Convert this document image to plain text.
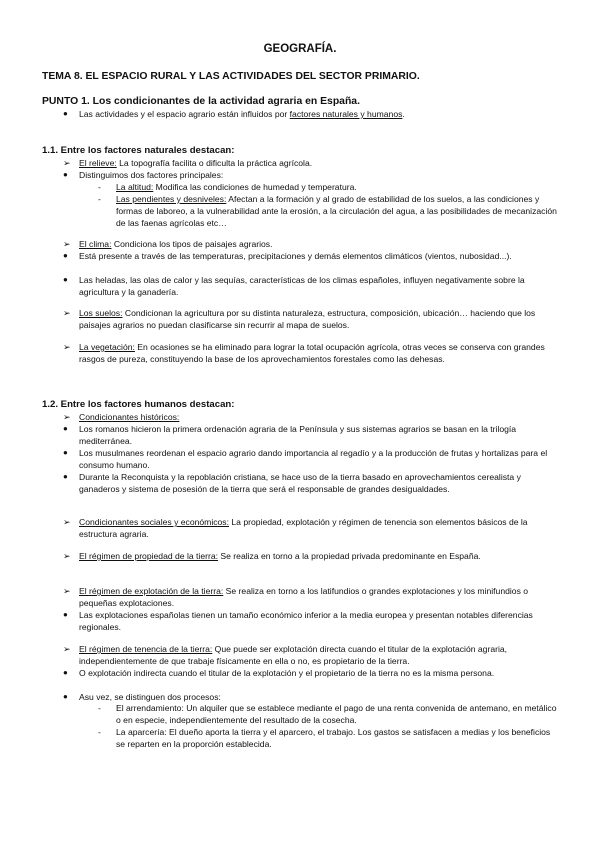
GEOGRAFÍA.
TEMA 8. EL ESPACIO RURAL Y LAS ACTIVIDADES DEL SECTOR PRIMARIO.
PUNTO 1. Los condicionantes de la actividad agraria en España.
● Las actividades y el espacio agrario están influidos por factores naturales y humanos.
1.1. Entre los factores naturales destacan:
➢ El relieve: La topografía facilita o dificulta la práctica agrícola.
● Distinguimos dos factores principales:
- La altitud: Modifica las condiciones de humedad y temperatura.
- Las pendientes y desniveles: Afectan a la formación y al grado de estabilidad de los suelos, a las condiciones y formas de laboreo, a la vulnerabilidad ante la erosión, a la circulación del agua, a las posibilidades de mecanización de las faenas agrícolas etc…
➢ El clima: Condiciona los tipos de paisajes agrarios.
● Está presente a través de las temperaturas, precipitaciones y demás elementos climáticos (vientos, nubosidad...).
● Las heladas, las olas de calor y las sequías, características de los climas españoles, influyen negativamente sobre la agricultura y la ganadería.
➢ Los suelos: Condicionan la agricultura por su distinta naturaleza, estructura, composición, ubicación… haciendo que los paisajes agrarios no puedan clasificarse sin recurrir al mapa de suelos.
➢ La vegetación: En ocasiones se ha eliminado para lograr la total ocupación agrícola, otras veces se conserva con grandes rasgos de pureza, constituyendo la base de los aprovechamientos forestales como las dehesas.
1.2. Entre los factores humanos destacan:
➢ Condicionantes históricos:
● Los romanos hicieron la primera ordenación agraria de la Península y sus sistemas agrarios se basan en la trilogía mediterránea.
● Los musulmanes reordenan el espacio agrario dando importancia al regadío y a la producción de frutas y hortalizas para el consumo humano.
● Durante la Reconquista y la repoblación cristiana, se hace uso de la tierra basado en aprovechamientos cerealista y ganaderos y sistema de posesión de la tierra que será el responsable de grandes desigualdades.
➢ Condicionantes sociales y económicos: La propiedad, explotación y régimen de tenencia son elementos básicos de la estructura agraria.
➢ El régimen de propiedad de la tierra: Se realiza en torno a la propiedad privada predominante en España.
➢ El régimen de explotación de la tierra: Se realiza en torno a los latifundios o grandes explotaciones y los minifundios o pequeñas explotaciones.
● Las explotaciones españolas tienen un tamaño económico inferior a la media europea y presentan notables diferencias regionales.
➢ El régimen de tenencia de la tierra: Que puede ser explotación directa cuando el titular de la explotación agraria, independientemente de que trabaje físicamente en ella o no, es propietario de la tierra.
● O explotación indirecta cuando el titular de la explotación y el propietario de la tierra no es la misma persona.
● Asu vez, se distinguen dos procesos:
- El arrendamiento: Un alquiler que se establece mediante el pago de una renta convenida de antemano, en metálico o en especie, independientemente del resultado de la cosecha.
- La aparcería: El dueño aporta la tierra y el aparcero, el trabajo. Los gastos se satisfacen a medias y los beneficios se reparten en la proporción establecida.
